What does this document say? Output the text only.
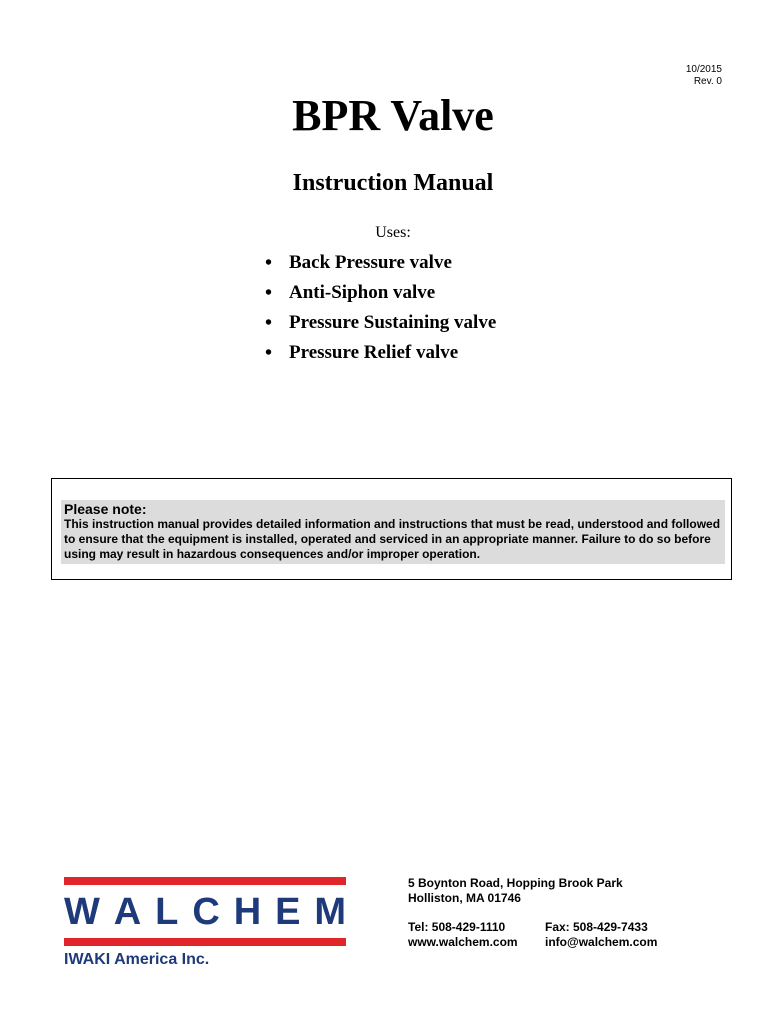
10/2015
Rev. 0
BPR Valve
Instruction Manual
Uses:
• Back Pressure valve
• Anti-Siphon valve
• Pressure Sustaining valve
• Pressure Relief valve
Please note:
This instruction manual provides detailed information and instructions that must be read, understood and followed to ensure that the equipment is installed, operated and serviced in an appropriate manner. Failure to do so before using may result in hazardous consequences and/or improper operation.
W A L C H E M
IWAKI America Inc.
5 Boynton Road, Hopping Brook Park
Holliston, MA 01746
Tel: 508-429-1110	Fax: 508-429-7433
www.walchem.com	info@walchem.com
